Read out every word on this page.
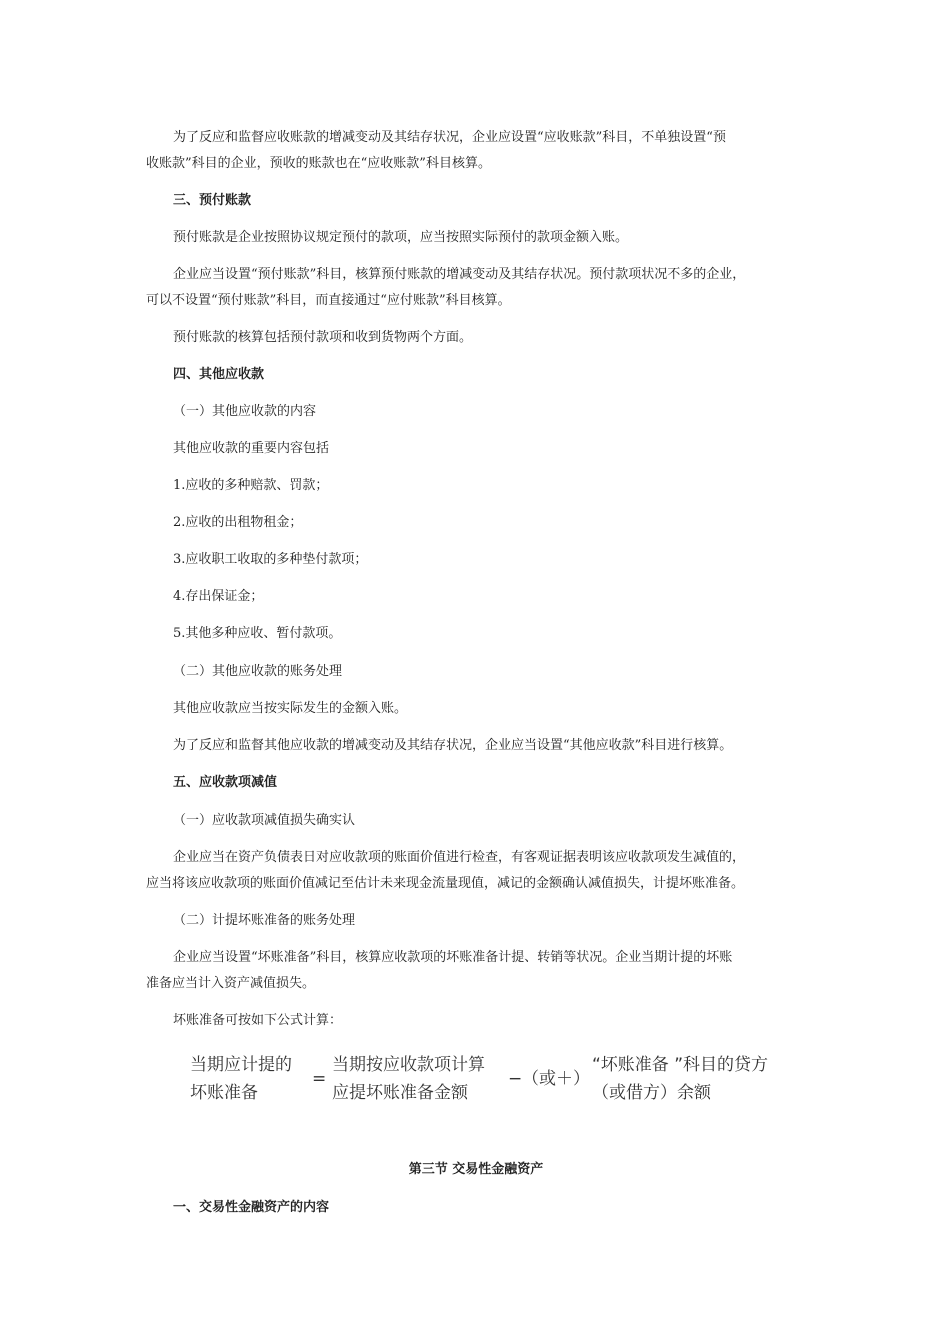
为了反应和监督应收账款的增减变动及其结存状况，企业应设置“应收账款”科目，不单独设置“预
收账款”科目的企业，预收的账款也在“应收账款”科目核算。
三、预付账款
预付账款是企业按照协议规定预付的款项，应当按照实际预付的款项金额入账。
企业应当设置“预付账款”科目，核算预付账款的增减变动及其结存状况。预付款项状况不多的企业，
可以不设置“预付账款”科目，而直接通过“应付账款”科目核算。
预付账款的核算包括预付款项和收到货物两个方面。
四、其他应收款
（一）其他应收款的内容
其他应收款的重要内容包括
1.应收的多种赔款、罚款；
2.应收的出租物租金；
3.应收职工收取的多种垫付款项；
4.存出保证金；
5.其他多种应收、暂付款项。
（二）其他应收款的账务处理
其他应收款应当按实际发生的金额入账。
为了反应和监督其他应收款的增减变动及其结存状况，企业应当设置“其他应收款”科目进行核算。
五、应收款项减值
（一）应收款项减值损失确实认
企业应当在资产负债表日对应收款项的账面价值进行检查，有客观证据表明该应收款项发生减值的，
应当将该应收款项的账面价值减记至估计未来现金流量现值，减记的金额确认减值损失，计提坏账准备。
（二）计提坏账准备的账务处理
企业应当设置“坏账准备”科目，核算应收款项的坏账准备计提、转销等状况。企业当期计提的坏账
准备应当计入资产减值损失。
坏账准备可按如下公式计算：
当期应计提的
坏账准备
=
当期按应收款项计算
应提坏账准备金额
− （或＋）
“坏账准备 ”科目的贷方
（或借方）余额
第三节 交易性金融资产
一、交易性金融资产的内容
